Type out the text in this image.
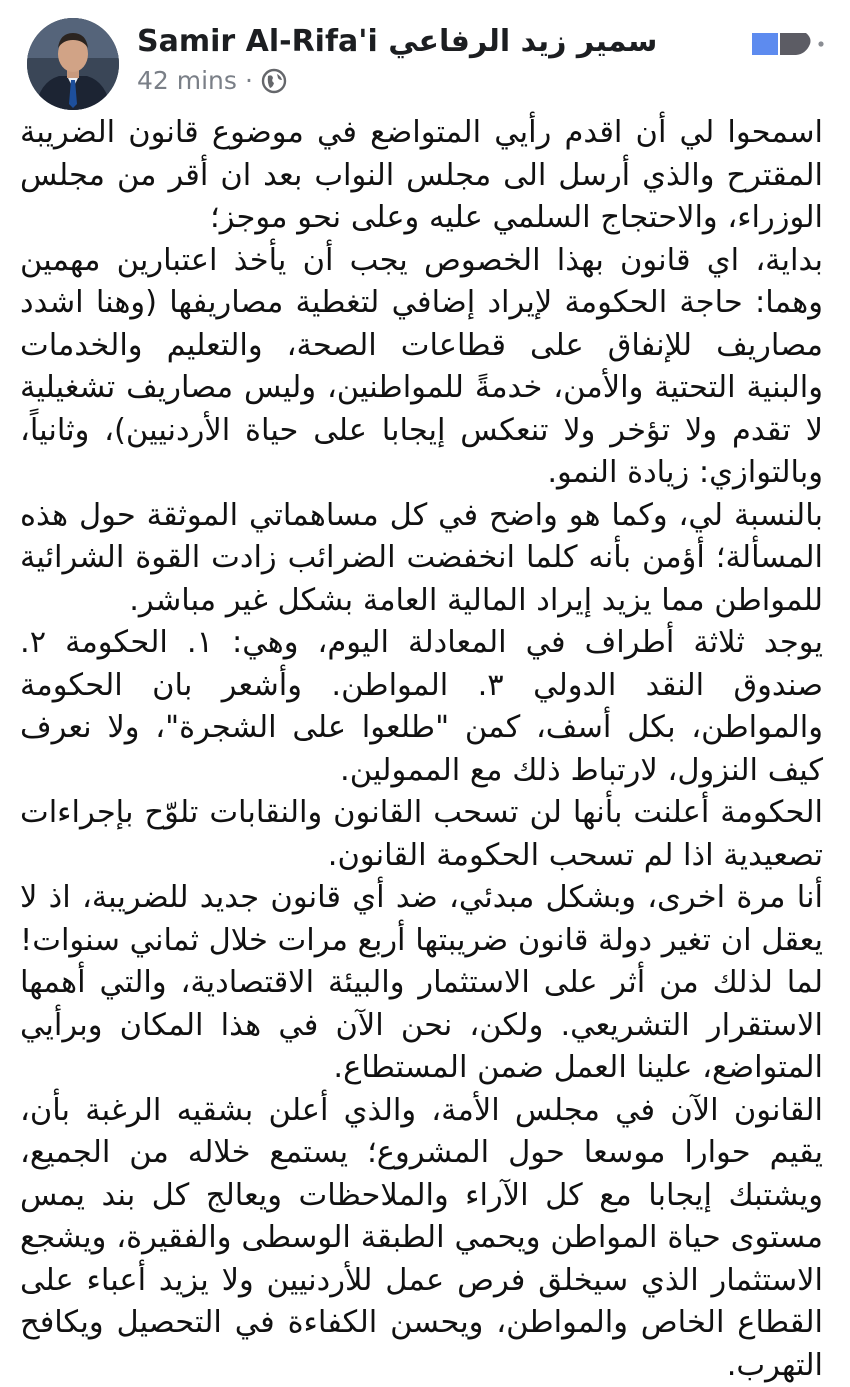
Samir Al-Rifa'i سمير زيد الرفاعي
42 mins ·

اسمحوا لي أن اقدم رأيي المتواضع في موضوع قانون الضريبة المقترح والذي أرسل الى مجلس النواب بعد ان أقر من مجلس الوزراء، والاحتجاج السلمي عليه وعلى نحو موجز؛

بداية، اي قانون بهذا الخصوص يجب أن يأخذ اعتبارين مهمين وهما: حاجة الحكومة لإيراد إضافي لتغطية مصاريفها (وهنا اشدد مصاريف للإنفاق على قطاعات الصحة، والتعليم والخدمات والبنية التحتية والأمن، خدمةً للمواطنين، وليس مصاريف تشغيلية لا تقدم ولا تؤخر ولا تنعكس إيجابا على حياة الأردنيين)، وثانياً، وبالتوازي: زيادة النمو.

بالنسبة لي، وكما هو واضح في كل مساهماتي الموثقة حول هذه المسألة؛ أؤمن بأنه كلما انخفضت الضرائب زادت القوة الشرائية للمواطن مما يزيد إيراد المالية العامة بشكل غير مباشر.

يوجد ثلاثة أطراف في المعادلة اليوم، وهي: ١. الحكومة ٢. صندوق النقد الدولي ٣. المواطن. وأشعر بان الحكومة والمواطن، بكل أسف، كمن "طلعوا على الشجرة"، ولا نعرف كيف النزول، لارتباط ذلك مع الممولين.

الحكومة أعلنت بأنها لن تسحب القانون والنقابات تلوّح بإجراءات تصعيدية اذا لم تسحب الحكومة القانون.

أنا مرة اخرى، وبشكل مبدئي، ضد أي قانون جديد للضريبة، اذ لا يعقل ان تغير دولة قانون ضريبتها أربع مرات خلال ثماني سنوات! لما لذلك من أثر على الاستثمار والبيئة الاقتصادية، والتي أهمها الاستقرار التشريعي. ولكن، نحن الآن في هذا المكان وبرأيي المتواضع، علينا العمل ضمن المستطاع.

القانون الآن في مجلس الأمة، والذي أعلن بشقيه الرغبة بأن، يقيم حوارا موسعا حول المشروع؛ يستمع خلاله من الجميع، ويشتبك إيجابا مع كل الآراء والملاحظات ويعالج كل بند يمس مستوى حياة المواطن ويحمي الطبقة الوسطى والفقيرة، ويشجع الاستثمار الذي سيخلق فرص عمل للأردنيين ولا يزيد أعباء على القطاع الخاص والمواطن، ويحسن الكفاءة في التحصيل ويكافح التهرب.
